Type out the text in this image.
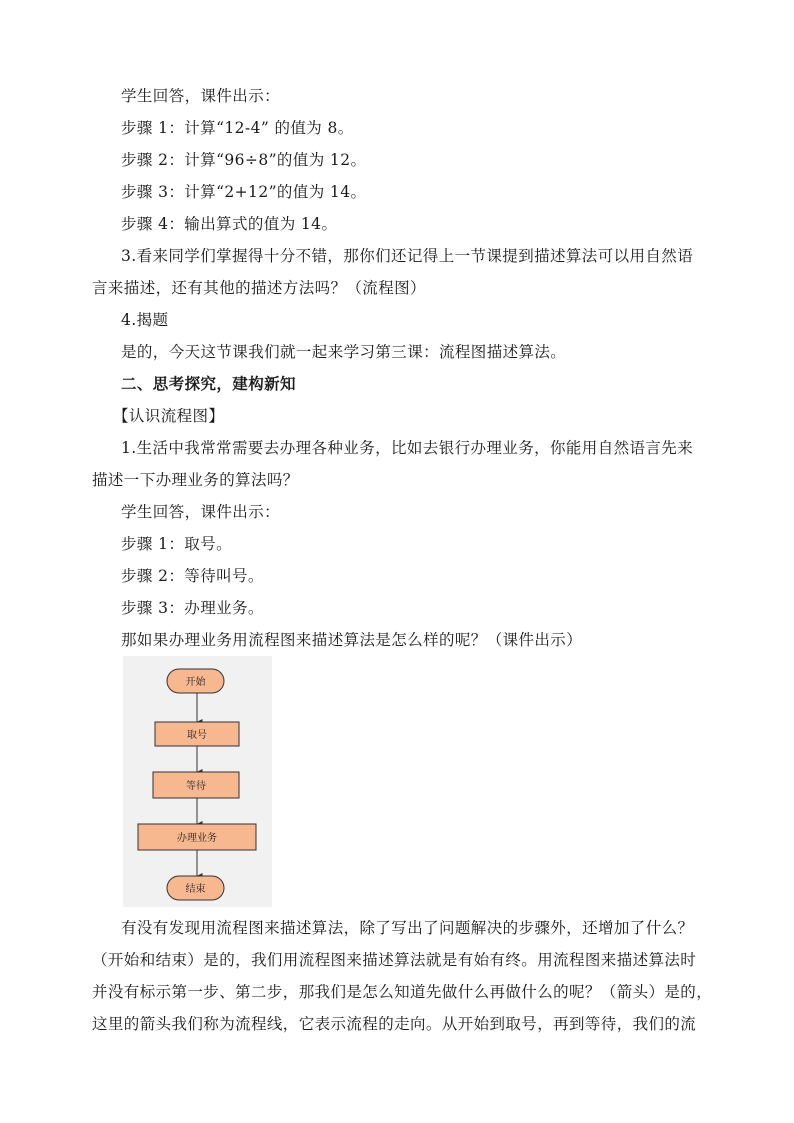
学生回答，课件出示：
步骤 1：计算“12-4” 的值为 8。
步骤 2：计算“96÷8”的值为 12。
步骤 3：计算“2+12”的值为 14。
步骤 4：输出算式的值为 14。
3.看来同学们掌握得十分不错，那你们还记得上一节课提到描述算法可以用自然语
言来描述，还有其他的描述方法吗？（流程图）
4.揭题
是的，今天这节课我们就一起来学习第三课：流程图描述算法。
二、思考探究，建构新知
【认识流程图】
1.生活中我常常需要去办理各种业务，比如去银行办理业务，你能用自然语言先来
描述一下办理业务的算法吗？
学生回答，课件出示：
步骤 1：取号。
步骤 2：等待叫号。
步骤 3：办理业务。
那如果办理业务用流程图来描述算法是怎么样的呢？（课件出示）
开始
取号
等待
办理业务
结束
有没有发现用流程图来描述算法，除了写出了问题解决的步骤外，还增加了什么？
（开始和结束）是的，我们用流程图来描述算法就是有始有终。用流程图来描述算法时
并没有标示第一步、第二步，那我们是怎么知道先做什么再做什么的呢？（箭头）是的，
这里的箭头我们称为流程线，它表示流程的走向。从开始到取号，再到等待，我们的流
